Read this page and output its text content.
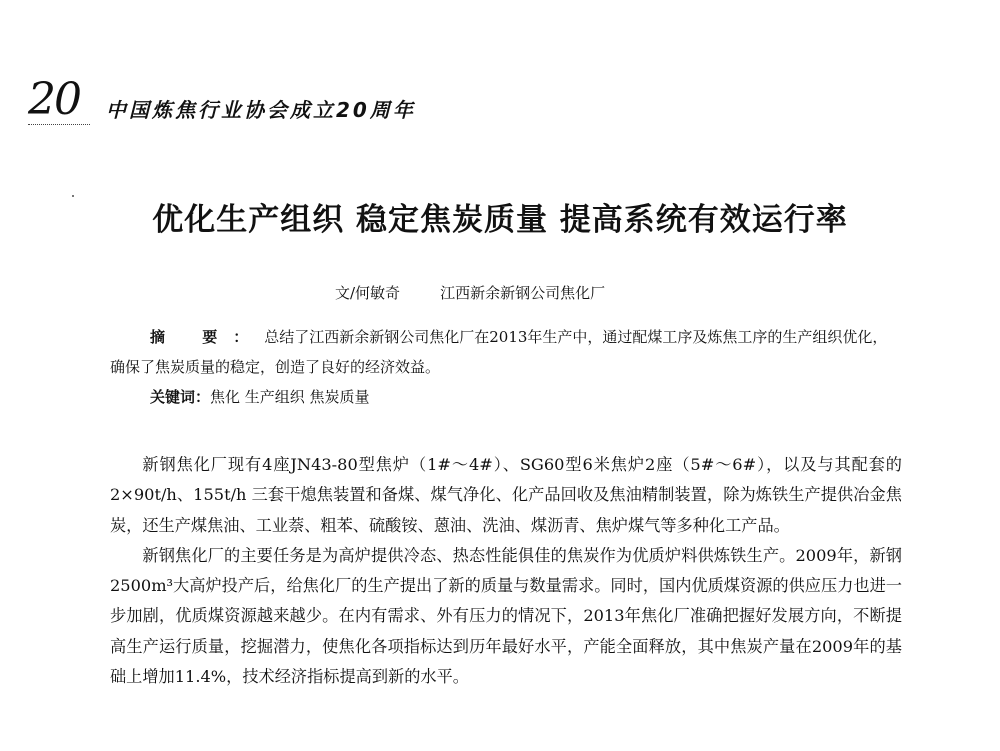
20 中国炼焦行业协会成立20周年
优化生产组织 稳定焦炭质量 提高系统有效运行率
文/何敏奇	江西新余新钢公司焦化厂

摘 要：总结了江西新余新钢公司焦化厂在2013年生产中，通过配煤工序及炼焦工序的生产组织优化，确保了焦炭质量的稳定，创造了良好的经济效益。

关键词：焦化 生产组织 焦炭质量

新钢焦化厂现有4座JN43-80型焦炉（1#～4#）、SG60型6米焦炉2座（5#～6#），以及与其配套的2×90t/h、155t/h 三套干熄焦装置和备煤、煤气净化、化产品回收及焦油精制装置，除为炼铁生产提供冶金焦炭，还生产煤焦油、工业萘、粗苯、硫酸铵、蒽油、洗油、煤沥青、焦炉煤气等多种化工产品。

新钢焦化厂的主要任务是为高炉提供冷态、热态性能俱佳的焦炭作为优质炉料供炼铁生产。2009年，新钢2500m³大高炉投产后，给焦化厂的生产提出了新的质量与数量需求。同时，国内优质煤资源的供应压力也进一步加剧，优质煤资源越来越少。在内有需求、外有压力的情况下，2013年焦化厂准确把握好发展方向，不断提高生产运行质量，挖掘潜力，使焦化各项指标达到历年最好水平，产能全面释放，其中焦炭产量在2009年的基础上增加11.4%，技术经济指标提高到新的水平。
